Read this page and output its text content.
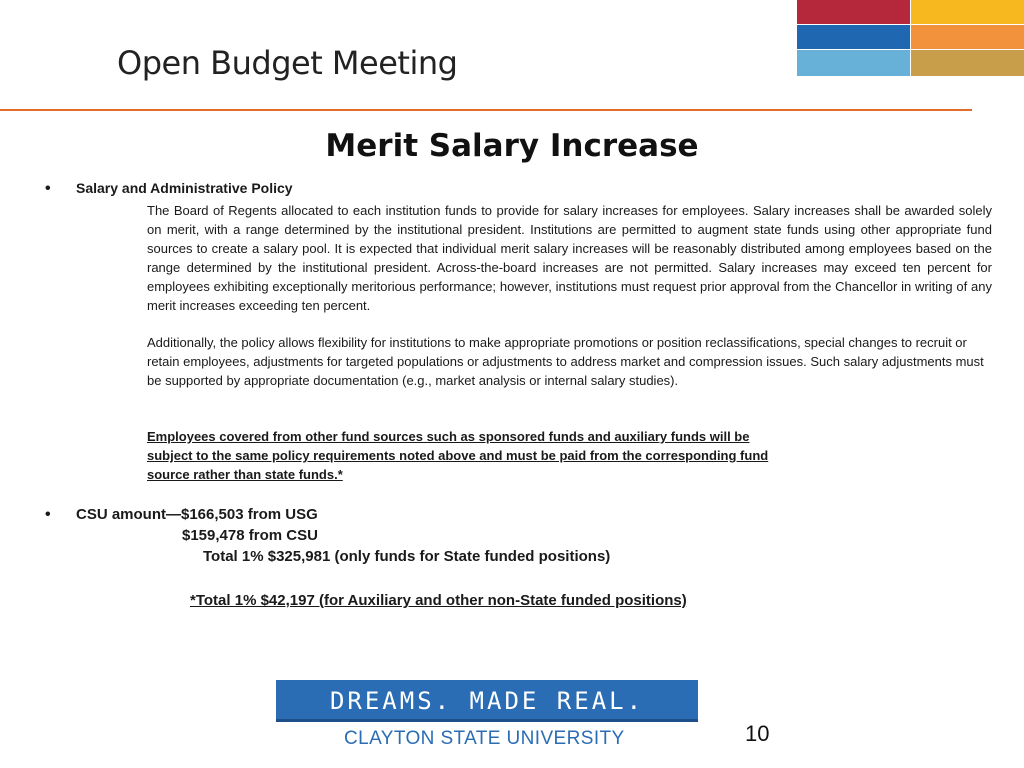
Open Budget Meeting
Merit Salary Increase
• Salary and Administrative Policy

The Board of Regents allocated to each institution funds to provide for salary increases for employees. Salary increases shall be awarded solely on merit, with a range determined by the institutional president. Institutions are permitted to augment state funds using other appropriate fund sources to create a salary pool. It is expected that individual merit salary increases will be reasonably distributed among employees based on the range determined by the institutional president. Across-the-board increases are not permitted. Salary increases may exceed ten percent for employees exhibiting exceptionally meritorious performance; however, institutions must request prior approval from the Chancellor in writing of any merit increases exceeding ten percent.

Additionally, the policy allows flexibility for institutions to make appropriate promotions or position reclassifications, special changes to recruit or retain employees, adjustments for targeted populations or adjustments to address market and compression issues. Such salary adjustments must be supported by appropriate documentation (e.g., market analysis or internal salary studies).

Employees covered from other fund sources such as sponsored funds and auxiliary funds will be subject to the same policy requirements noted above and must be paid from the corresponding fund source rather than state funds.*

• CSU amount—$166,503 from USG
$159,478 from CSU
Total 1% $325,981 (only funds for State funded positions)
*Total 1% $42,197 (for Auxiliary and other non-State funded positions)
DREAMS. MADE REAL.
CLAYTON STATE UNIVERSITY	10
